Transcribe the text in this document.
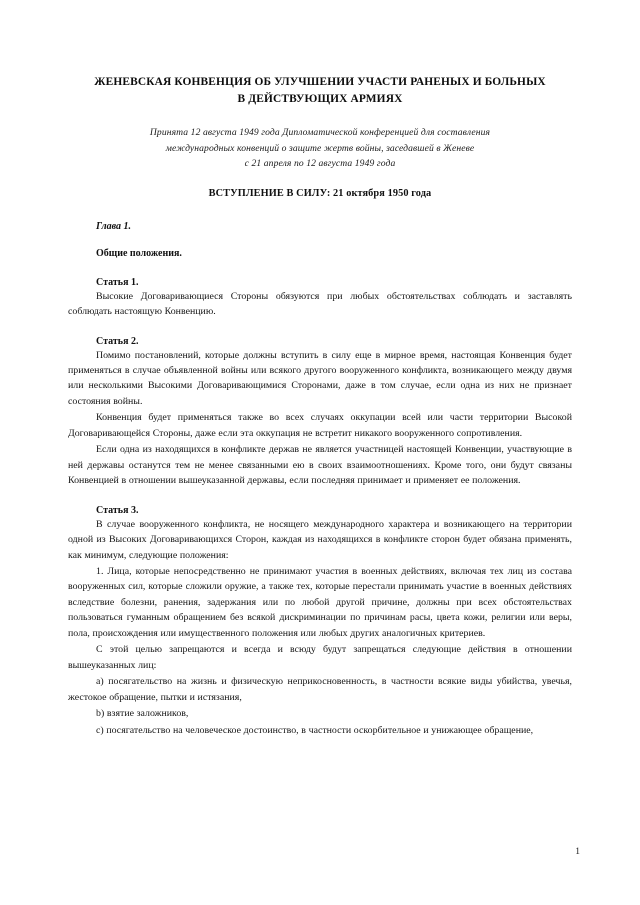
ЖЕНЕВСКАЯ КОНВЕНЦИЯ ОБ УЛУЧШЕНИИ УЧАСТИ РАНЕНЫХ И БОЛЬНЫХ
В ДЕЙСТВУЮЩИХ АРМИЯХ
Принята 12 августа 1949 года Дипломатической конференцией для составления
международных конвенций о защите жертв войны, заседавшей в Женеве
с 21 апреля по 12 августа 1949 года
ВСТУПЛЕНИЕ В СИЛУ: 21 октября 1950 года
Глава 1.
Общие положения.
Статья 1.

Высокие Договаривающиеся Стороны обязуются при любых обстоятельствах соблюдать и заставлять соблюдать настоящую Конвенцию.

Статья 2.

Помимо постановлений, которые должны вступить в силу еще в мирное время, настоящая Конвенция будет применяться в случае объявленной войны или всякого другого вооруженного конфликта, возникающего между двумя или несколькими Высокими Договаривающимися Сторонами, даже в том случае, если одна из них не признает состояния войны.

Конвенция будет применяться также во всех случаях оккупации всей или части территории Высокой Договаривающейся Стороны, даже если эта оккупация не встретит никакого вооруженного сопротивления.

Если одна из находящихся в конфликте держав не является участницей настоящей Конвенции, участвующие в ней державы останутся тем не менее связанными ею в своих взаимоотношениях. Кроме того, они будут связаны Конвенцией в отношении вышеуказанной державы, если последняя принимает и применяет ее положения.

Статья 3.

В случае вооруженного конфликта, не носящего международного характера и возникающего на территории одной из Высоких Договаривающихся Сторон, каждая из находящихся в конфликте сторон будет обязана применять, как минимум, следующие положения:

1. Лица, которые непосредственно не принимают участия в военных действиях, включая тех лиц из состава вооруженных сил, которые сложили оружие, а также тех, которые перестали принимать участие в военных действиях вследствие болезни, ранения, задержания или по любой другой причине, должны при всех обстоятельствах пользоваться гуманным обращением без всякой дискриминации по причинам расы, цвета кожи, религии или веры, пола, происхождения или имущественного положения или любых других аналогичных критериев.

С этой целью запрещаются и всегда и всюду будут запрещаться следующие действия в отношении вышеуказанных лиц:

a) посягательство на жизнь и физическую неприкосновенность, в частности всякие виды убийства, увечья, жестокое обращение, пытки и истязания,

b) взятие заложников,

c) посягательство на человеческое достоинство, в частности оскорбительное и унижающее обращение,

1
